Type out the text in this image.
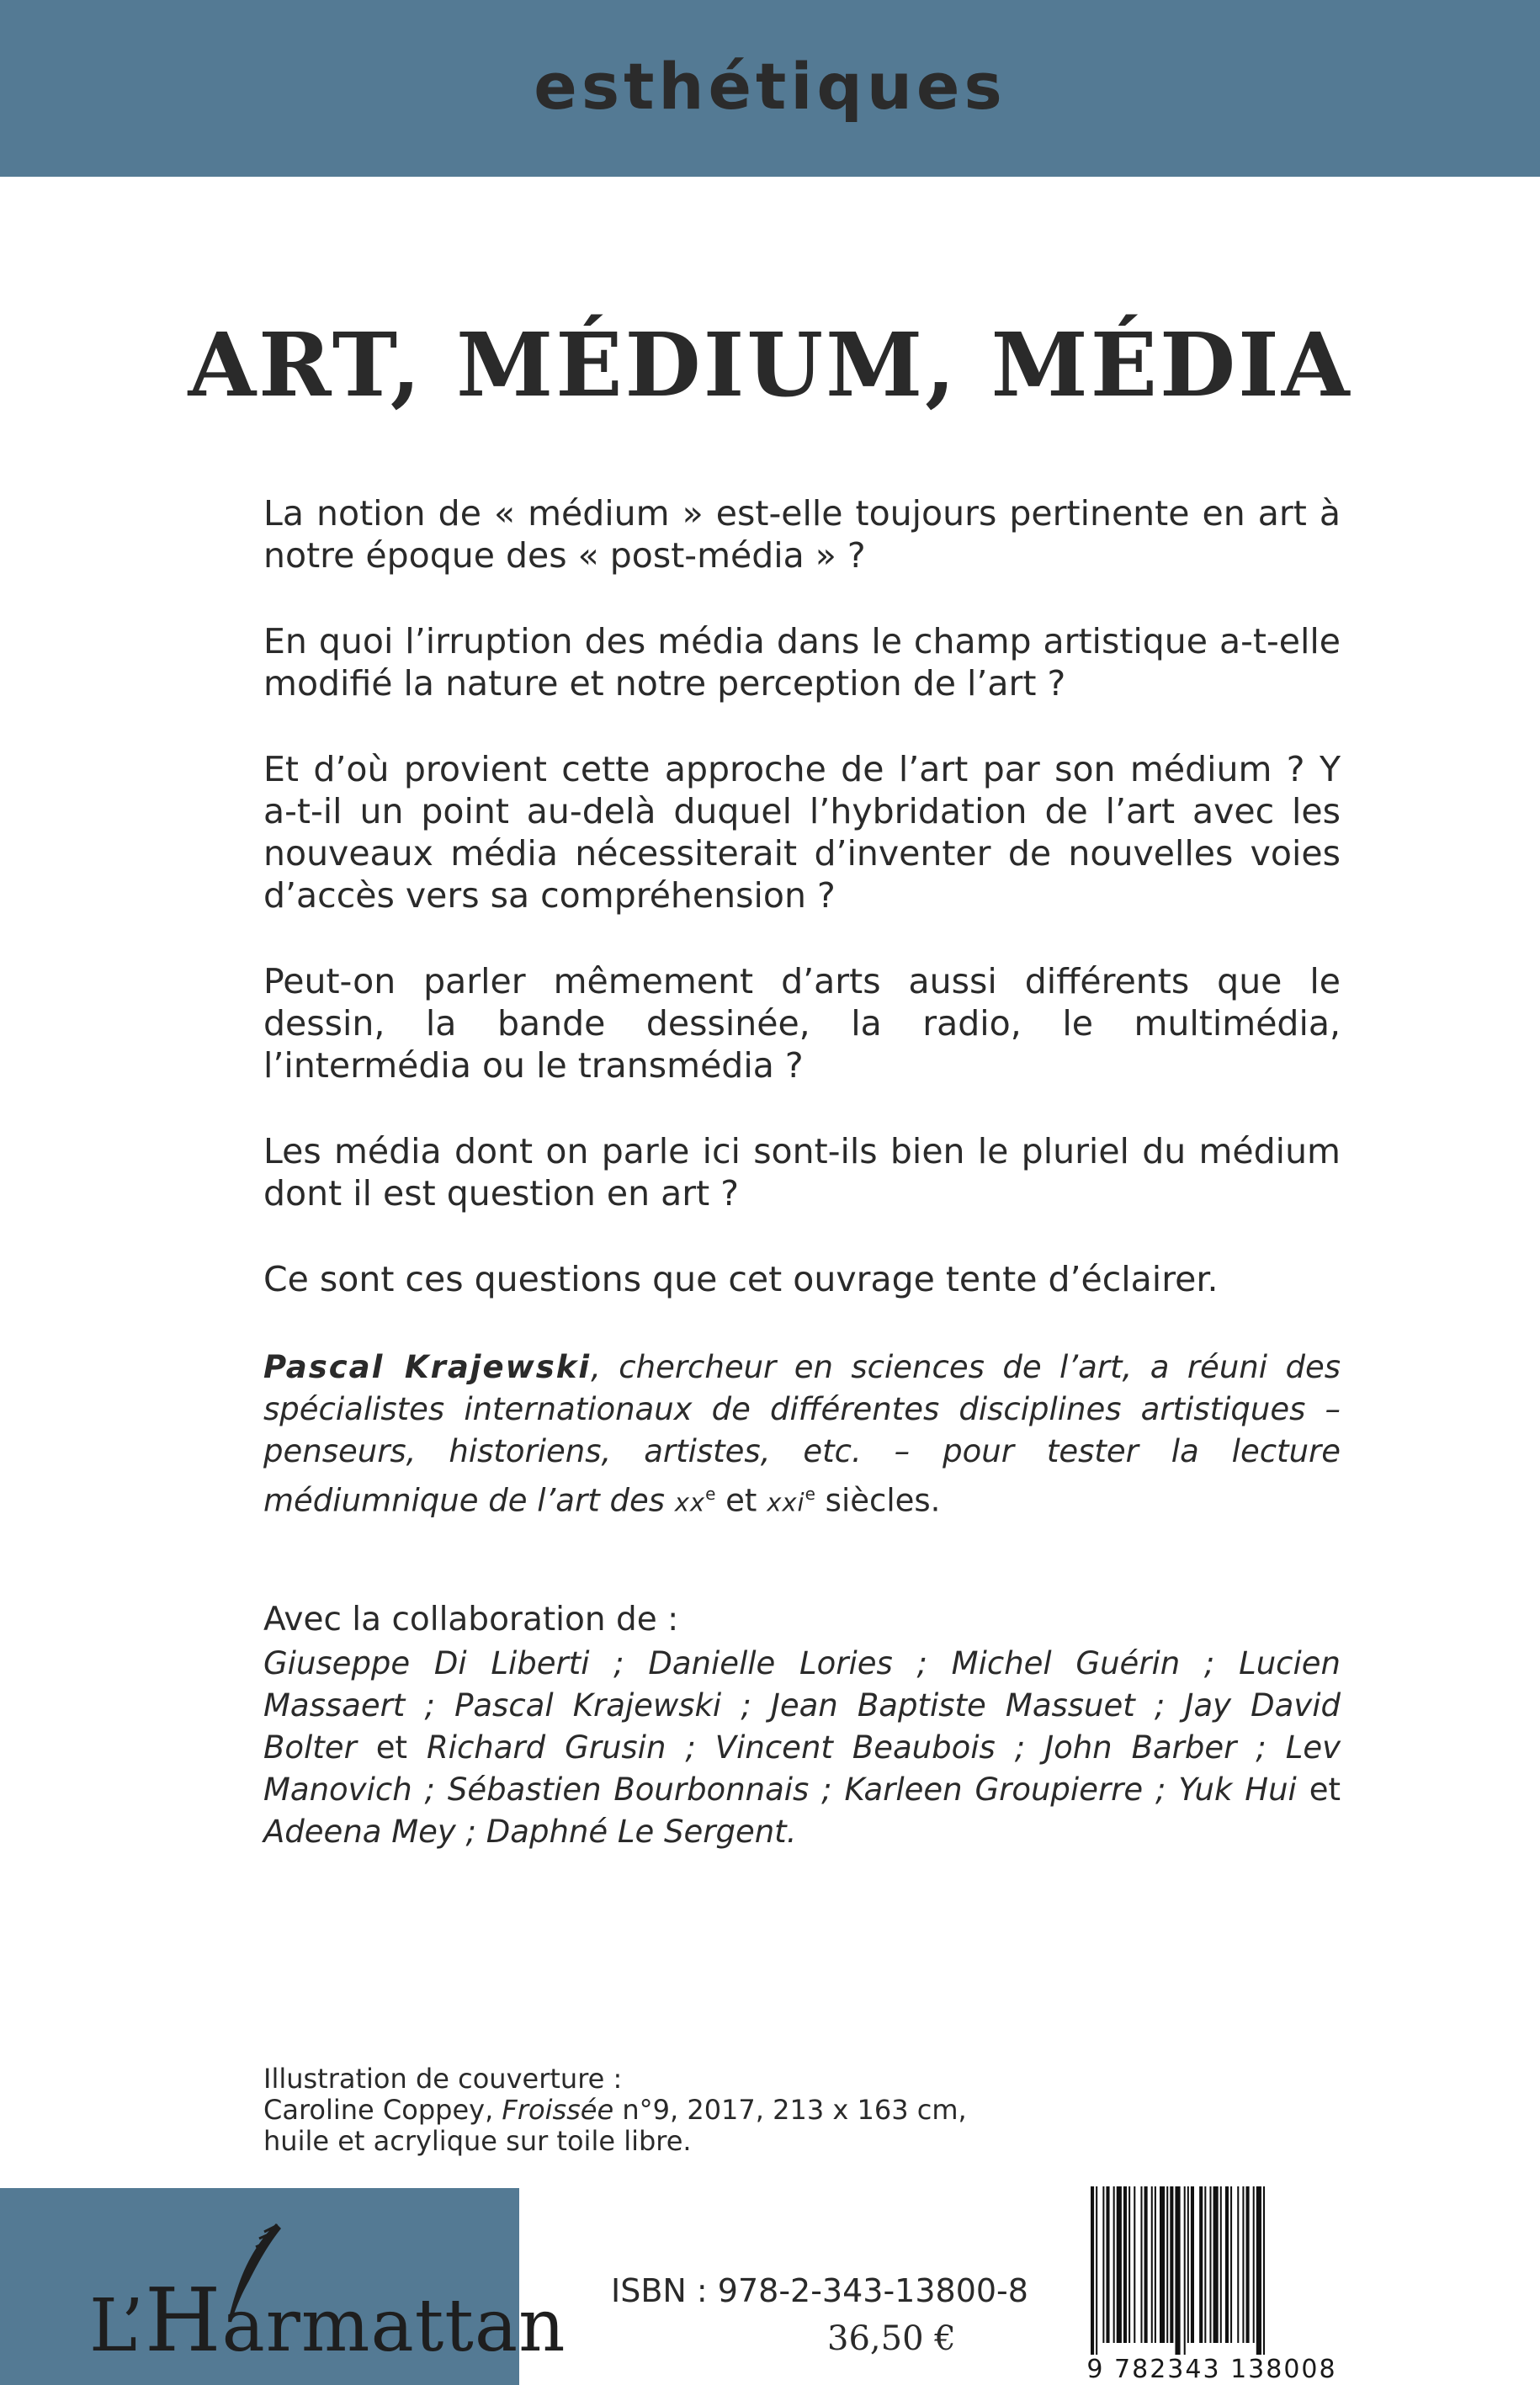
esthétiques
ART, MÉDIUM, MÉDIA

La notion de « médium » est-elle toujours pertinente en art à notre époque des « post-média » ?

En quoi l’irruption des média dans le champ artistique a-t-elle modifié la nature et notre perception de l’art ?

Et d’où provient cette approche de l’art par son médium ? Y a-t-il un point au-delà duquel l’hybridation de l’art avec les nouveaux média nécessiterait d’inventer de nouvelles voies d’accès vers sa compréhension ?

Peut-on parler mêmement d’arts aussi différents que le dessin, la bande dessinée, la radio, le multimédia, l’intermédia ou le transmédia ?

Les média dont on parle ici sont-ils bien le pluriel du médium dont il est question en art ?

Ce sont ces questions que cet ouvrage tente d’éclairer.

Pascal Krajewski, chercheur en sciences de l’art, a réuni des spécialistes internationaux de différentes disciplines artistiques – penseurs, historiens, artistes, etc. – pour tester la lecture médiumnique de l’art des $xx^e$ et xxi$^e$ siècles.

Avec la collaboration de :

Giuseppe Di Liberti ; Danielle Lories ; Michel Guérin ; Lucien Massaert ; Pascal Krajewski ; Jean Baptiste Massuet ; Jay David Bolter et Richard Grusin ; Vincent Beaubois ; John Barber ; Lev Manovich ; Sébastien Bourbonnais ; Karleen Groupierre ; Yuk Hui et Adeena Mey ; Daphné Le Sergent.

Illustration de couverture :
Caroline Coppey, Froissée n°9, 2017, 213 x 163 cm,
huile et acrylique sur toile libre.
L’Harmattan ISBN : 978-2-343-13800-8
36,50 €
9 782343 138008
